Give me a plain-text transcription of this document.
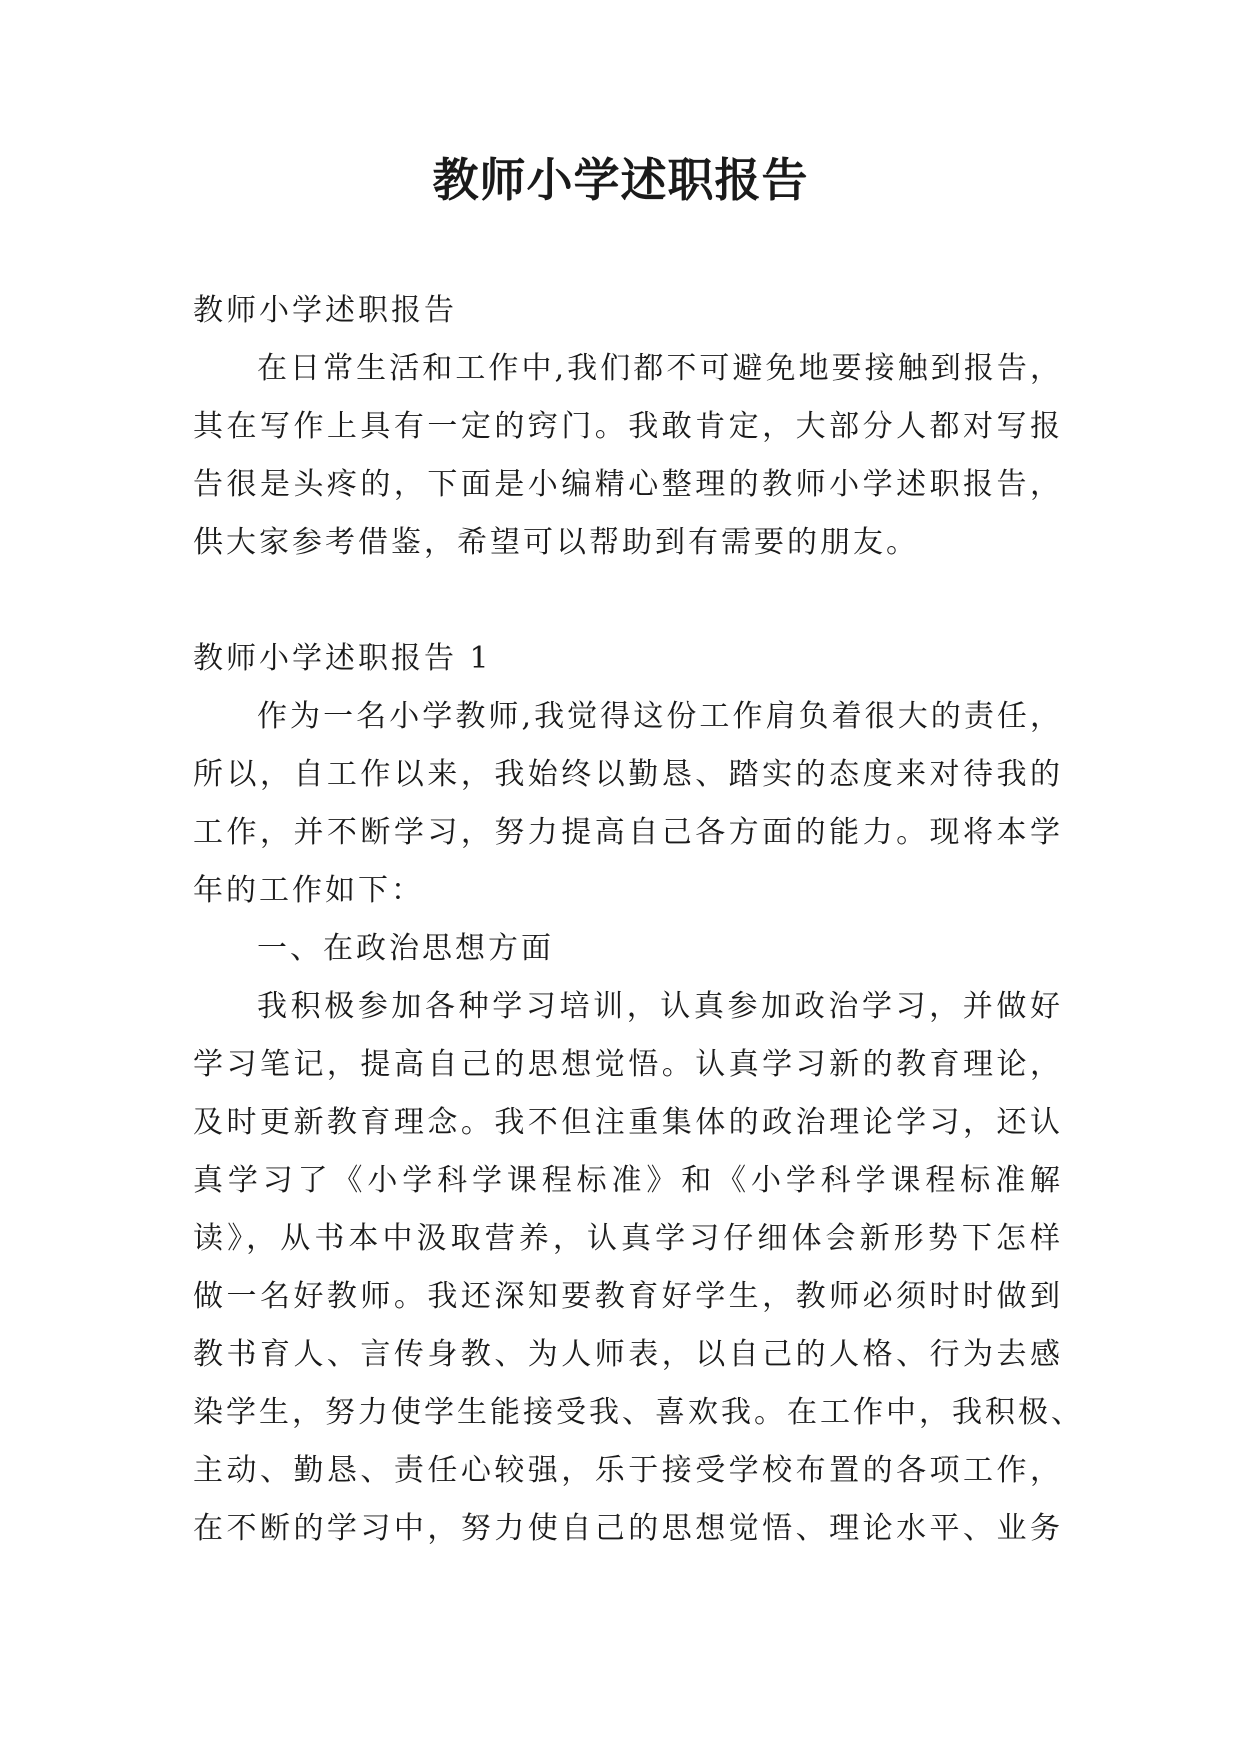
教师小学述职报告
教师小学述职报告
在日常生活和工作中,我们都不可避免地要接触到报告，
其在写作上具有一定的窍门。我敢肯定，大部分人都对写报
告很是头疼的，下面是小编精心整理的教师小学述职报告，
供大家参考借鉴，希望可以帮助到有需要的朋友。
教师小学述职报告 1
作为一名小学教师,我觉得这份工作肩负着很大的责任，
所以，自工作以来，我始终以勤恳、踏实的态度来对待我的
工作，并不断学习，努力提高自己各方面的能力。现将本学
年的工作如下：
一、在政治思想方面
我积极参加各种学习培训，认真参加政治学习，并做好
学习笔记，提高自己的思想觉悟。认真学习新的教育理论，
及时更新教育理念。我不但注重集体的政治理论学习，还认
真学习了《小学科学课程标准》和《小学科学课程标准解
读》，从书本中汲取营养，认真学习仔细体会新形势下怎样
做一名好教师。我还深知要教育好学生，教师必须时时做到
教书育人、言传身教、为人师表，以自己的人格、行为去感
染学生，努力使学生能接受我、喜欢我。在工作中，我积极、
主动、勤恳、责任心较强，乐于接受学校布置的各项工作，
在不断的学习中，努力使自己的思想觉悟、理论水平、业务
